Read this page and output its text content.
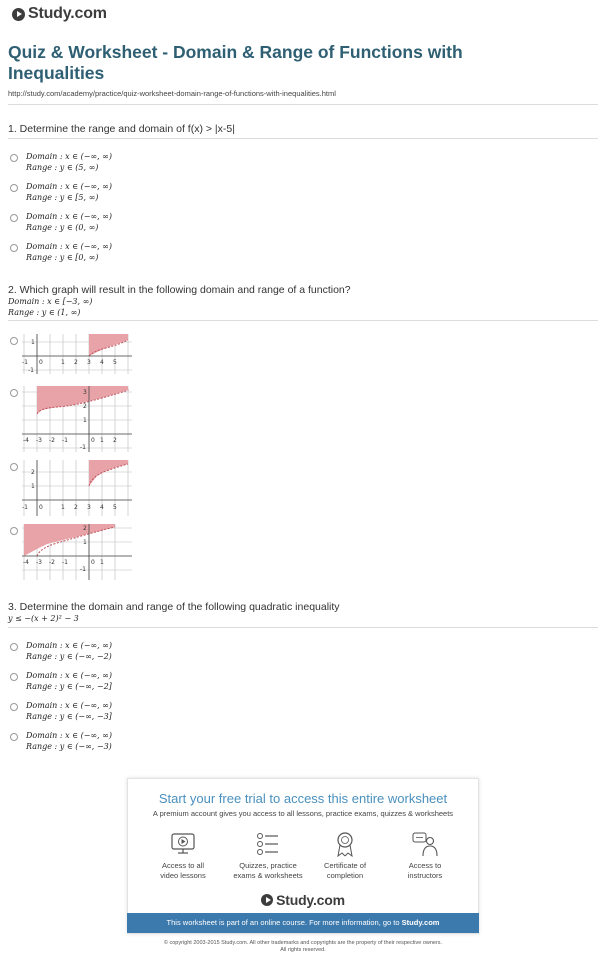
Study.com
Quiz & Worksheet - Domain & Range of Functions with Inequalities
http://study.com/academy/practice/quiz-worksheet-domain-range-of-functions-with-inequalities.html
1. Determine the range and domain of f(x) > |x-5|
Domain : x ∈ (−∞, ∞)
Range : y ∈ (5, ∞)
Domain : x ∈ (−∞, ∞)
Range : y ∈ [5, ∞)
Domain : x ∈ (−∞, ∞)
Range : y ∈ (0, ∞)
Domain : x ∈ (−∞, ∞)
Range : y ∈ [0, ∞)
2. Which graph will result in the following domain and range of a function?
Domain : x ∈ [−3, ∞)
Range : y ∈ (1, ∞)
-1 0	1 2 3 4 5
1
-1
-4 -3 -2 -1	0 1 2
3
2
1
-1
-1 0	1 2 3 4 5
2
1
-4 -3 -2 -1	0 1
2
1
-1
3. Determine the domain and range of the following quadratic inequality
y ≤ −(x + 2)² − 3
Domain : x ∈ (−∞, ∞)
Range : y ∈ (−∞, −2)
Domain : x ∈ (−∞, ∞)
Range : y ∈ (−∞, −2]
Domain : x ∈ (−∞, ∞)
Range : y ∈ (−∞, −3]
Domain : x ∈ (−∞, ∞)
Range : y ∈ (−∞, −3)
Start your free trial to access this entire worksheet
A premium account gives you access to all lessons, practice exams, quizzes & worksheets
Access to all
video lessons
Quizzes, practice
exams & worksheets
Certificate of
completion
Access to
instructors
Study.com
This worksheet is part of an online course. For more information, go to Study.com
© copyright 2003-2015 Study.com. All other trademarks and copyrights are the property of their respective owners.
All rights reserved.
